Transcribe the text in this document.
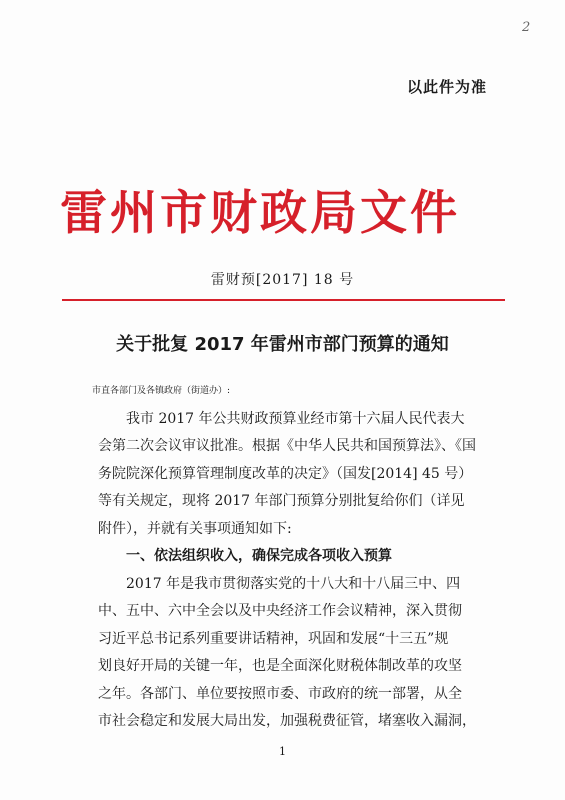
2
以此件为准
雷州市财政局文件
雷财预[2017] 18 号
关于批复 2017 年雷州市部门预算的通知
市直各部门及各镇政府（街道办）:
我市 2017 年公共财政预算业经市第十六届人民代表大
会第二次会议审议批准。根据《中华人民共和国预算法》、《国
务院院深化预算管理制度改革的决定》（国发[2014] 45 号）
等有关规定，现将 2017 年部门预算分别批复给你们（详见
附件），并就有关事项通知如下:
一、依法组织收入，确保完成各项收入预算
2017 年是我市贯彻落实党的十八大和十八届三中、四
中、五中、六中全会以及中央经济工作会议精神，深入贯彻
习近平总书记系列重要讲话精神，巩固和发展“十三五”规
划良好开局的关键一年，也是全面深化财税体制改革的攻坚
之年。各部门、单位要按照市委、市政府的统一部署，从全
市社会稳定和发展大局出发，加强税费征管，堵塞收入漏洞，
1
